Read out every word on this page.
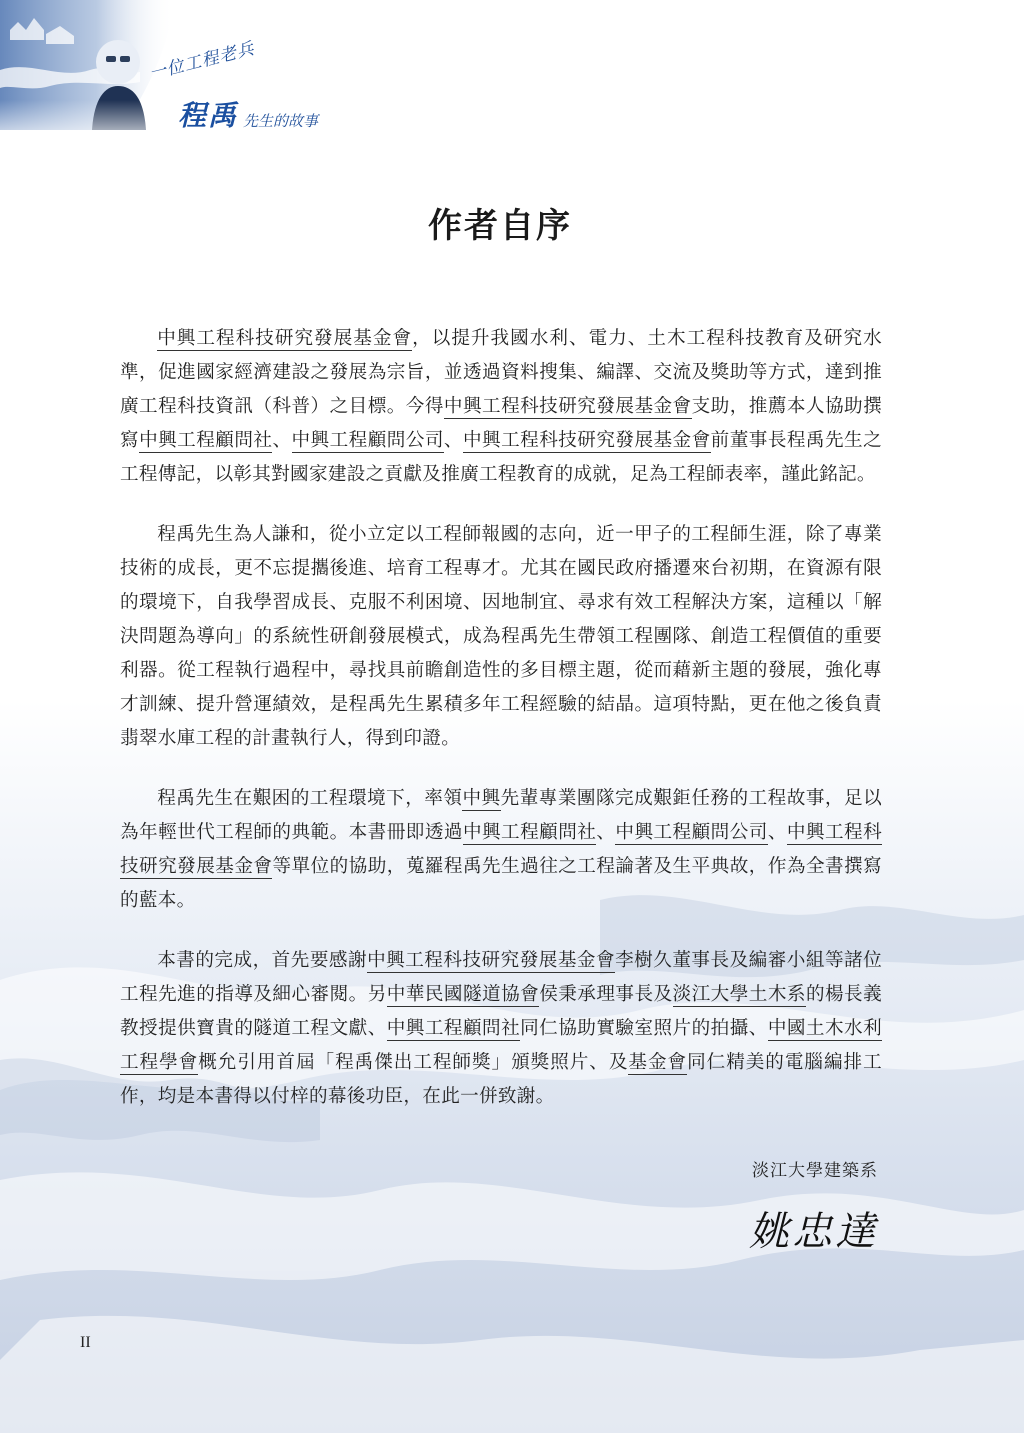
一位工程老兵
程禹 先生的故事
作者自序

中興工程科技研究發展基金會，以提升我國水利、電力、土木工程科技教育及研究水準，促進國家經濟建設之發展為宗旨，並透過資料搜集、編譯、交流及獎助等方式，達到推廣工程科技資訊（科普）之目標。今得中興工程科技研究發展基金會支助，推薦本人協助撰寫中興工程顧問社、中興工程顧問公司、中興工程科技研究發展基金會前董事長程禹先生之工程傳記，以彰其對國家建設之貢獻及推廣工程教育的成就，足為工程師表率，謹此銘記。

程禹先生為人謙和，從小立定以工程師報國的志向，近一甲子的工程師生涯，除了專業技術的成長，更不忘提攜後進、培育工程專才。尤其在國民政府播遷來台初期，在資源有限的環境下，自我學習成長、克服不利困境、因地制宜、尋求有效工程解決方案，這種以「解決問題為導向」的系統性研創發展模式，成為程禹先生帶領工程團隊、創造工程價值的重要利器。從工程執行過程中，尋找具前瞻創造性的多目標主題，從而藉新主題的發展，強化專才訓練、提升營運績效，是程禹先生累積多年工程經驗的結晶。這項特點，更在他之後負責翡翠水庫工程的計畫執行人，得到印證。

程禹先生在艱困的工程環境下，率領中興先輩專業團隊完成艱鉅任務的工程故事，足以為年輕世代工程師的典範。本書冊即透過中興工程顧問社、中興工程顧問公司、中興工程科技研究發展基金會等單位的協助，蒐羅程禹先生過往之工程論著及生平典故，作為全書撰寫的藍本。

本書的完成，首先要感謝中興工程科技研究發展基金會李樹久董事長及編審小組等諸位工程先進的指導及細心審閱。另中華民國隧道協會侯秉承理事長及淡江大學土木系的楊長義教授提供寶貴的隧道工程文獻、中興工程顧問社同仁協助實驗室照片的拍攝、中國土木水利工程學會概允引用首屆「程禹傑出工程師獎」頒獎照片、及基金會同仁精美的電腦編排工作，均是本書得以付梓的幕後功臣，在此一併致謝。

淡江大學建築系
姚忠達
II
